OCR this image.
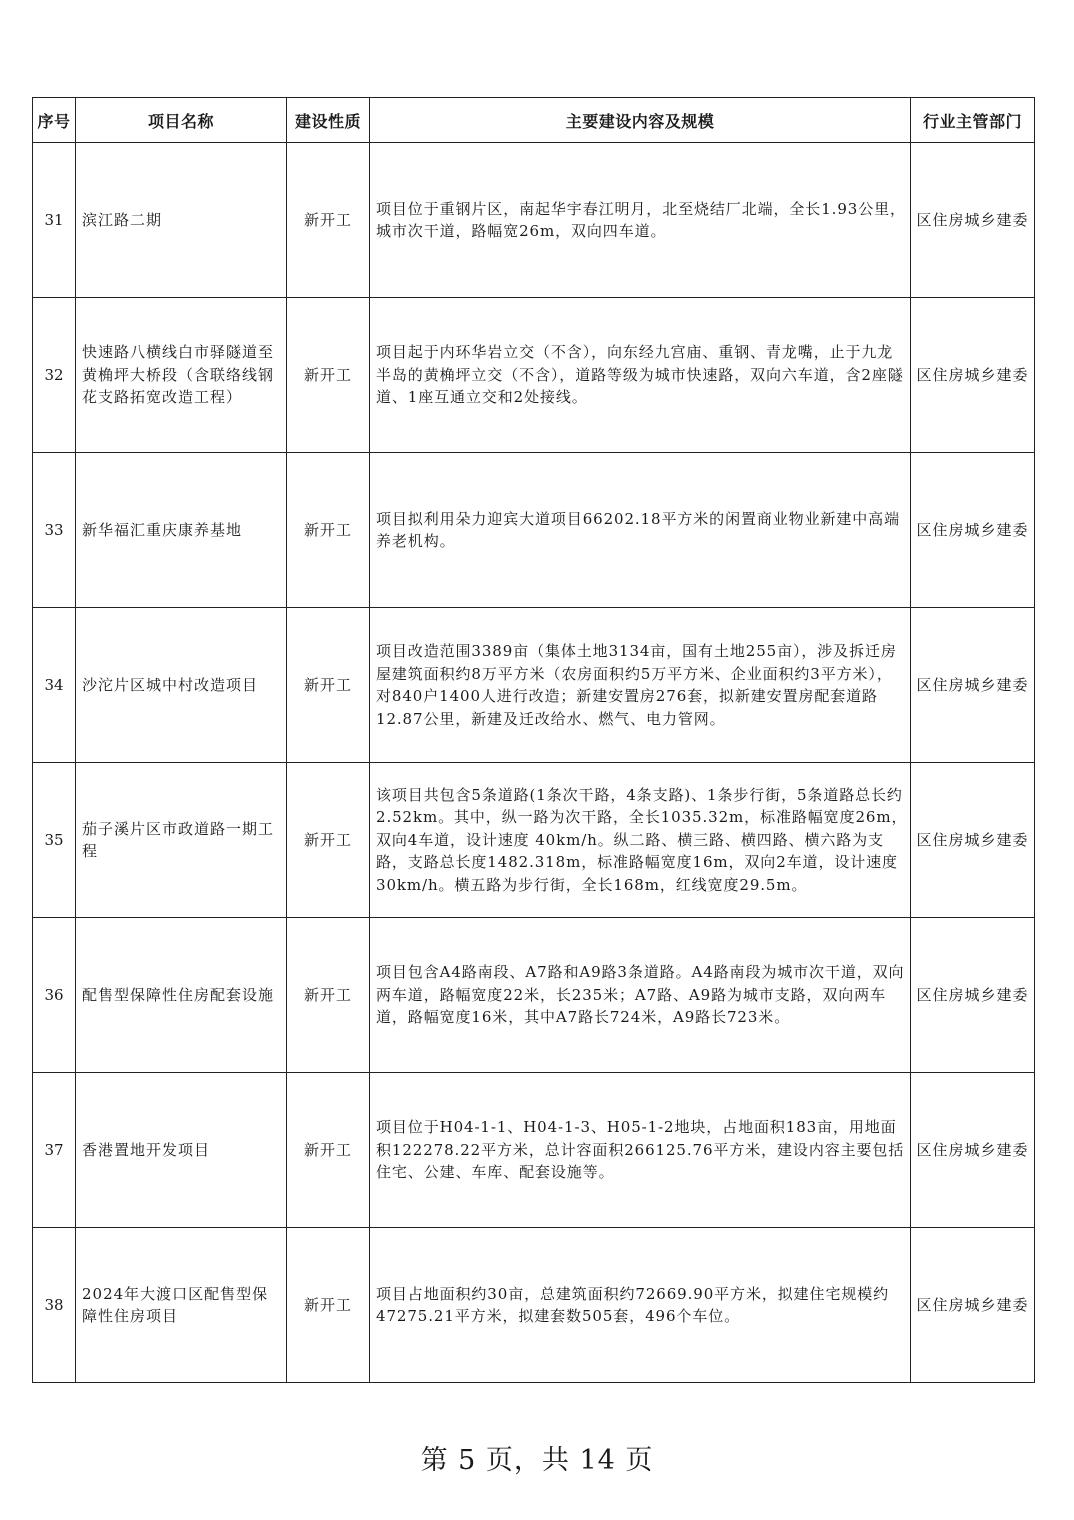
序号	项目名称	建设性质	主要建设内容及规模	行业主管部门
31	滨江路二期	新开工	项目位于重钢片区，南起华宇春江明月，北至烧结厂北端，全长1.93公里，城市次干道，路幅宽26m，双向四车道。	区住房城乡建委
32	快速路八横线白市驿隧道至黄桷坪大桥段（含联络线钢花支路拓宽改造工程）	新开工	项目起于内环华岩立交（不含），向东经九宫庙、重钢、青龙嘴，止于九龙半岛的黄桷坪立交（不含），道路等级为城市快速路，双向六车道，含2座隧道、1座互通立交和2处接线。	区住房城乡建委
33	新华福汇重庆康养基地	新开工	项目拟利用朵力迎宾大道项目66202.18平方米的闲置商业物业新建中高端养老机构。	区住房城乡建委
34	沙沱片区城中村改造项目	新开工	项目改造范围3389亩（集体土地3134亩，国有土地255亩），涉及拆迁房屋建筑面积约8万平方米（农房面积约5万平方米、企业面积约3平方米），对840户1400人进行改造；新建安置房276套，拟新建安置房配套道路12.87公里，新建及迁改给水、燃气、电力管网。	区住房城乡建委
35	茄子溪片区市政道路一期工程	新开工	该项目共包含5条道路(1条次干路，4条支路)、1条步行街，5条道路总长约2.52km。其中，纵一路为次干路，全长1035.32m，标准路幅宽度26m，双向4车道，设计速度 40km/h。纵二路、横三路、横四路、横六路为支路，支路总长度1482.318m，标准路幅宽度16m，双向2车道，设计速度 30km/h。横五路为步行街，全长168m，红线宽度29.5m。	区住房城乡建委
36	配售型保障性住房配套设施	新开工	项目包含A4路南段、A7路和A9路3条道路。A4路南段为城市次干道，双向两车道，路幅宽度22米，长235米；A7路、A9路为城市支路，双向两车道，路幅宽度16米，其中A7路长724米，A9路长723米。	区住房城乡建委
37	香港置地开发项目	新开工	项目位于H04-1-1、H04-1-3、H05-1-2地块，占地面积183亩，用地面积122278.22平方米，总计容面积266125.76平方米，建设内容主要包括住宅、公建、车库、配套设施等。	区住房城乡建委
38	2024年大渡口区配售型保障性住房项目	新开工	项目占地面积约30亩，总建筑面积约72669.90平方米，拟建住宅规模约47275.21平方米，拟建套数505套，496个车位。	区住房城乡建委
第 5 页，共 14 页
